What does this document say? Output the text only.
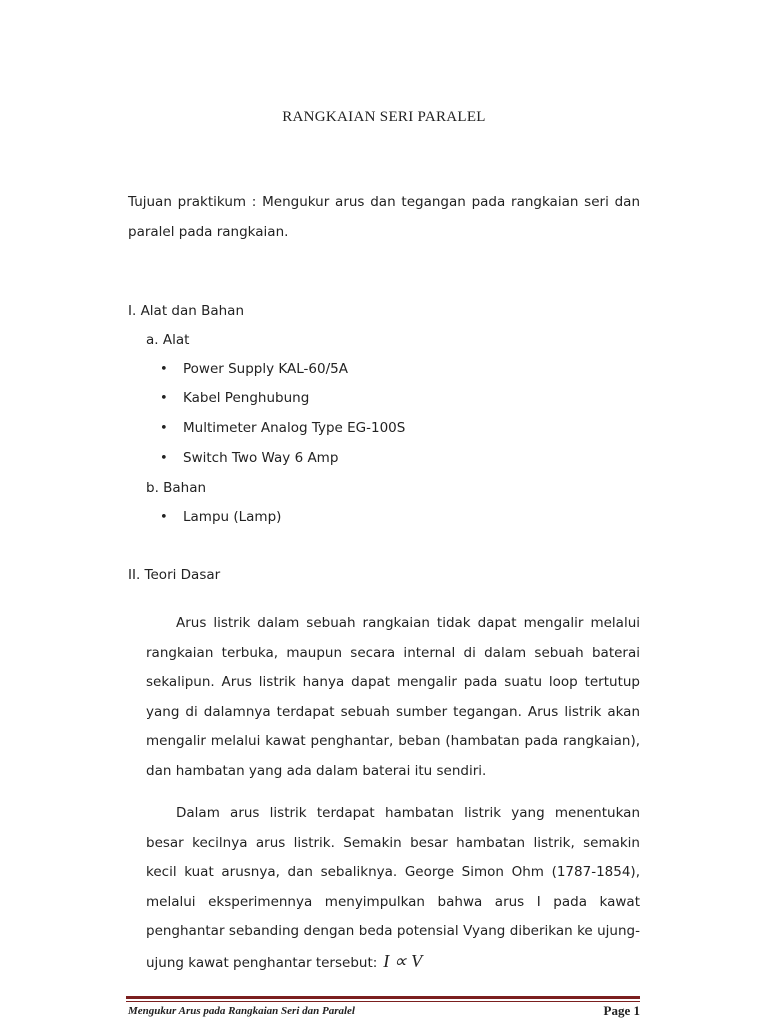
RANGKAIAN SERI PARALEL
Tujuan praktikum : Mengukur arus dan tegangan pada rangkaian seri dan paralel pada rangkaian.
I. Alat dan Bahan
a. Alat
• Power Supply KAL-60/5A
• Kabel Penghubung
• Multimeter Analog Type EG-100S
• Switch Two Way 6 Amp
b. Bahan
• Lampu (Lamp)
II. Teori Dasar
Arus listrik dalam sebuah rangkaian tidak dapat mengalir melalui rangkaian terbuka, maupun secara internal di dalam sebuah baterai sekalipun. Arus listrik hanya dapat mengalir pada suatu loop tertutup yang di dalamnya terdapat sebuah sumber tegangan. Arus listrik akan mengalir melalui kawat penghantar, beban (hambatan pada rangkaian), dan hambatan yang ada dalam baterai itu sendiri.
Dalam arus listrik terdapat hambatan listrik yang menentukan besar kecilnya arus listrik. Semakin besar hambatan listrik, semakin kecil kuat arusnya, dan sebaliknya. George Simon Ohm (1787-1854), melalui eksperimennya menyimpulkan bahwa arus I pada kawat penghantar sebanding dengan beda potensial Vyang diberikan ke ujung-ujung kawat penghantar tersebut: I ∝ V
Mengukur Arus pada Rangkaian Seri dan Paralel	Page 1
